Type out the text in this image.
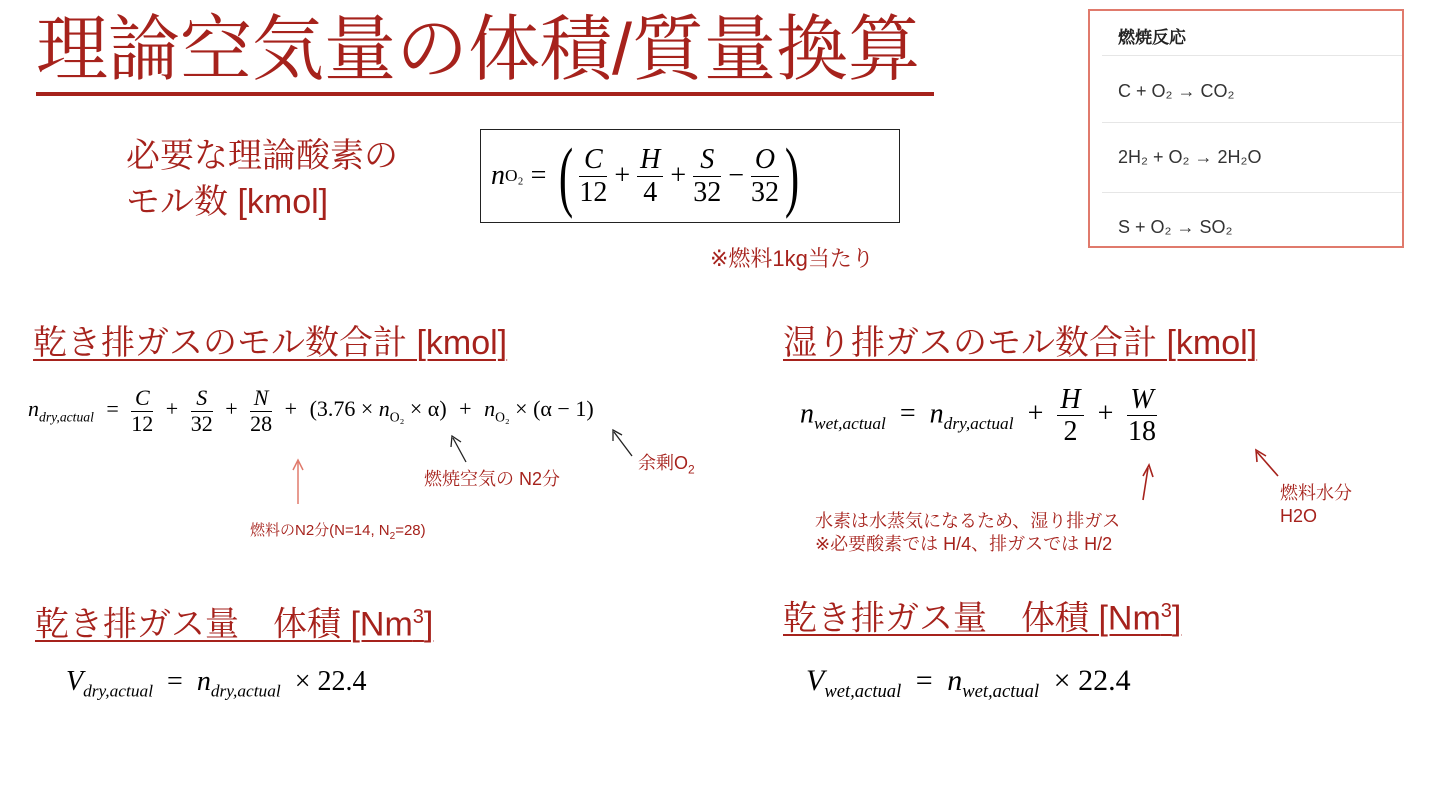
理論空気量の体積/質量換算
必要な理論酸素の
モル数 [kmol]
n O₂ = ( $\frac{C}{12} + \frac{H}{4} + \frac{S}{32} - \frac{O}{32}$ )
※燃料1kg当たり
燃焼反応
C + O₂ → CO₂
2H₂ + O₂ → 2H₂O
S + O₂ → SO₂
乾き排ガスのモル数合計 [kmol]
$n_{dry,actual} = \frac{C}{12} + \frac{S}{32} + \frac{N}{28} + (3.76 \times n_{O_2} \times \alpha) + n_{O_2} \times (\alpha - 1)$
燃料のN2分(N=14, $N_2=28$)
燃焼空気の N2分
余剰$O_2$
湿り排ガスのモル数合計 [kmol]
$n_{wet,actual} = n_{dry,actual} + \frac{H}{2} + \frac{W}{18}$
水素は水蒸気になるため、湿り排ガス
※必要酸素では H/4、排ガスでは H/2
燃料水分
H2O
乾き排ガス量　体積 [Nm$^3$]
$V_{dry,actual} = n_{dry,actual} \times 22.4$
乾き排ガス量　体積 [Nm$^3$]
$V_{wet,actual} = n_{wet,actual} \times 22.4$
